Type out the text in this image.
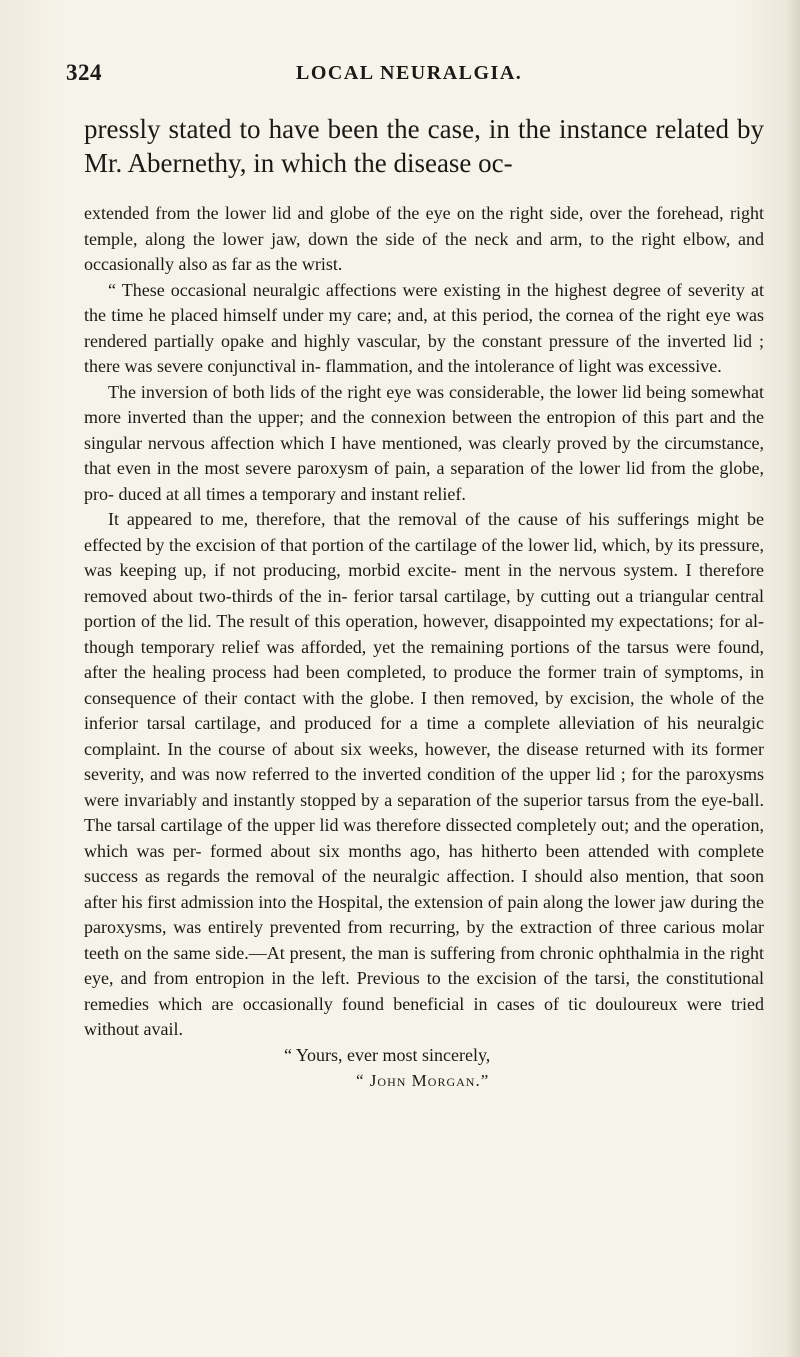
324	LOCAL NEURALGIA.
pressly stated to have been the case, in the instance related by Mr. Abernethy, in which the disease oc-

extended from the lower lid and globe of the eye on the right side, over the forehead, right temple, along the lower jaw, down the side of the neck and arm, to the right elbow, and occasionally also as far as the wrist.

“ These occasional neuralgic affections were existing in the highest degree of severity at the time he placed himself under my care; and, at this period, the cornea of the right eye was rendered partially opake and highly vascular, by the constant pressure of the inverted lid ; there was severe conjunctival in- flammation, and the intolerance of light was excessive.

The inversion of both lids of the right eye was considerable, the lower lid being somewhat more inverted than the upper; and the connexion between the entropion of this part and the singular nervous affection which I have mentioned, was clearly proved by the circumstance, that even in the most severe paroxysm of pain, a separation of the lower lid from the globe, pro- duced at all times a temporary and instant relief.

It appeared to me, therefore, that the removal of the cause of his sufferings might be effected by the excision of that portion of the cartilage of the lower lid, which, by its pressure, was keeping up, if not producing, morbid excite- ment in the nervous system. I therefore removed about two-thirds of the in- ferior tarsal cartilage, by cutting out a triangular central portion of the lid. The result of this operation, however, disappointed my expectations; for al- though temporary relief was afforded, yet the remaining portions of the tarsus were found, after the healing process had been completed, to produce the former train of symptoms, in consequence of their contact with the globe. I then removed, by excision, the whole of the inferior tarsal cartilage, and produced for a time a complete alleviation of his neuralgic complaint. In the course of about six weeks, however, the disease returned with its former severity, and was now referred to the inverted condition of the upper lid ; for the paroxysms were invariably and instantly stopped by a separation of the superior tarsus from the eye-ball. The tarsal cartilage of the upper lid was therefore dissected completely out; and the operation, which was per- formed about six months ago, has hitherto been attended with complete success as regards the removal of the neuralgic affection. I should also mention, that soon after his first admission into the Hospital, the extension of pain along the lower jaw during the paroxysms, was entirely prevented from recurring, by the extraction of three carious molar teeth on the same side.—At present, the man is suffering from chronic ophthalmia in the right eye, and from entropion in the left. Previous to the excision of the tarsi, the constitutional remedies which are occasionally found beneficial in cases of tic douloureux were tried without avail.

“ Yours, ever most sincerely,

“ John Morgan.”
